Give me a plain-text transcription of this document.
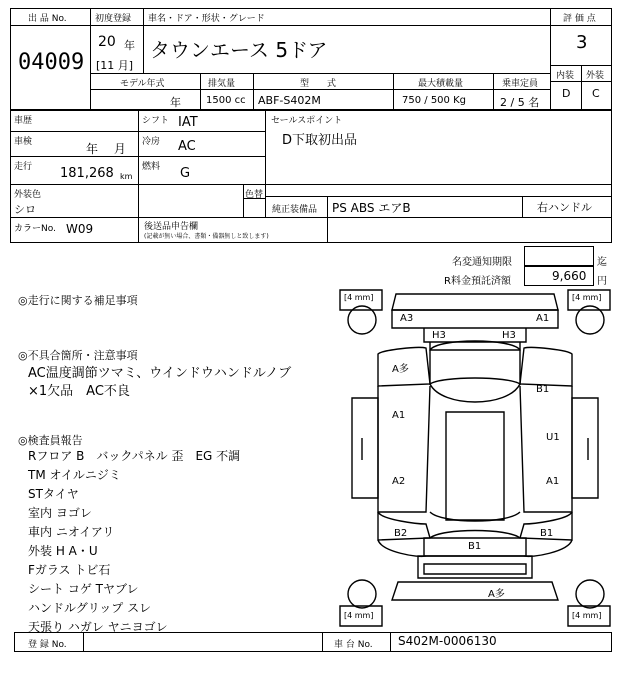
出 品 No.
04009
初度登録
20 年
[11 月]
車名・ドア・形状・グレード
タウンエース 5ドア
評 価 点
3
内装 外装
D C
モデル年式	排気量	型　　式	最大積載量	乗車定員
年	1500 cc ABF-S402M	750 / 500 Kg	2 / 5 名
車歴	シフト IAT
車検	年　 月 冷房 AC
走行 181,268 km
燃料 G
セールスポイント
D下取初出品
外装色
シロ
色替
純正装備品 PS ABS エアB	右ハンドル
カラーNo. W09	後送品申告欄
(記載が無い場合、書類・備器無しと致します)
名変通知期限	迄
R料金預託済額	9,660 円
◎走行に関する補足事項
◎不具合箇所・注意事項
AC温度調節ツマミ、ウインドウハンドルノブ
×1欠品　AC不良
◎検査員報告
Rフロア B　バックパネル 歪　EG 不調
TM オイルニジミ
STタイヤ
室内 ヨゴレ
車内 ニオイアリ
外装 H A・U
Fガラス トビ石
シート コゲ Tヤブレ
ハンドルグリップ スレ
天張り ハガレ ヤニヨゴレ
[4 mm]	[4 mm]
[4 mm]	[4 mm]
A3	A1
H3	H3
A多
B1
A1
U1
A2	A1
B2	B1
B1
A多
登 録 No.	車 台 No. S402M-0006130
